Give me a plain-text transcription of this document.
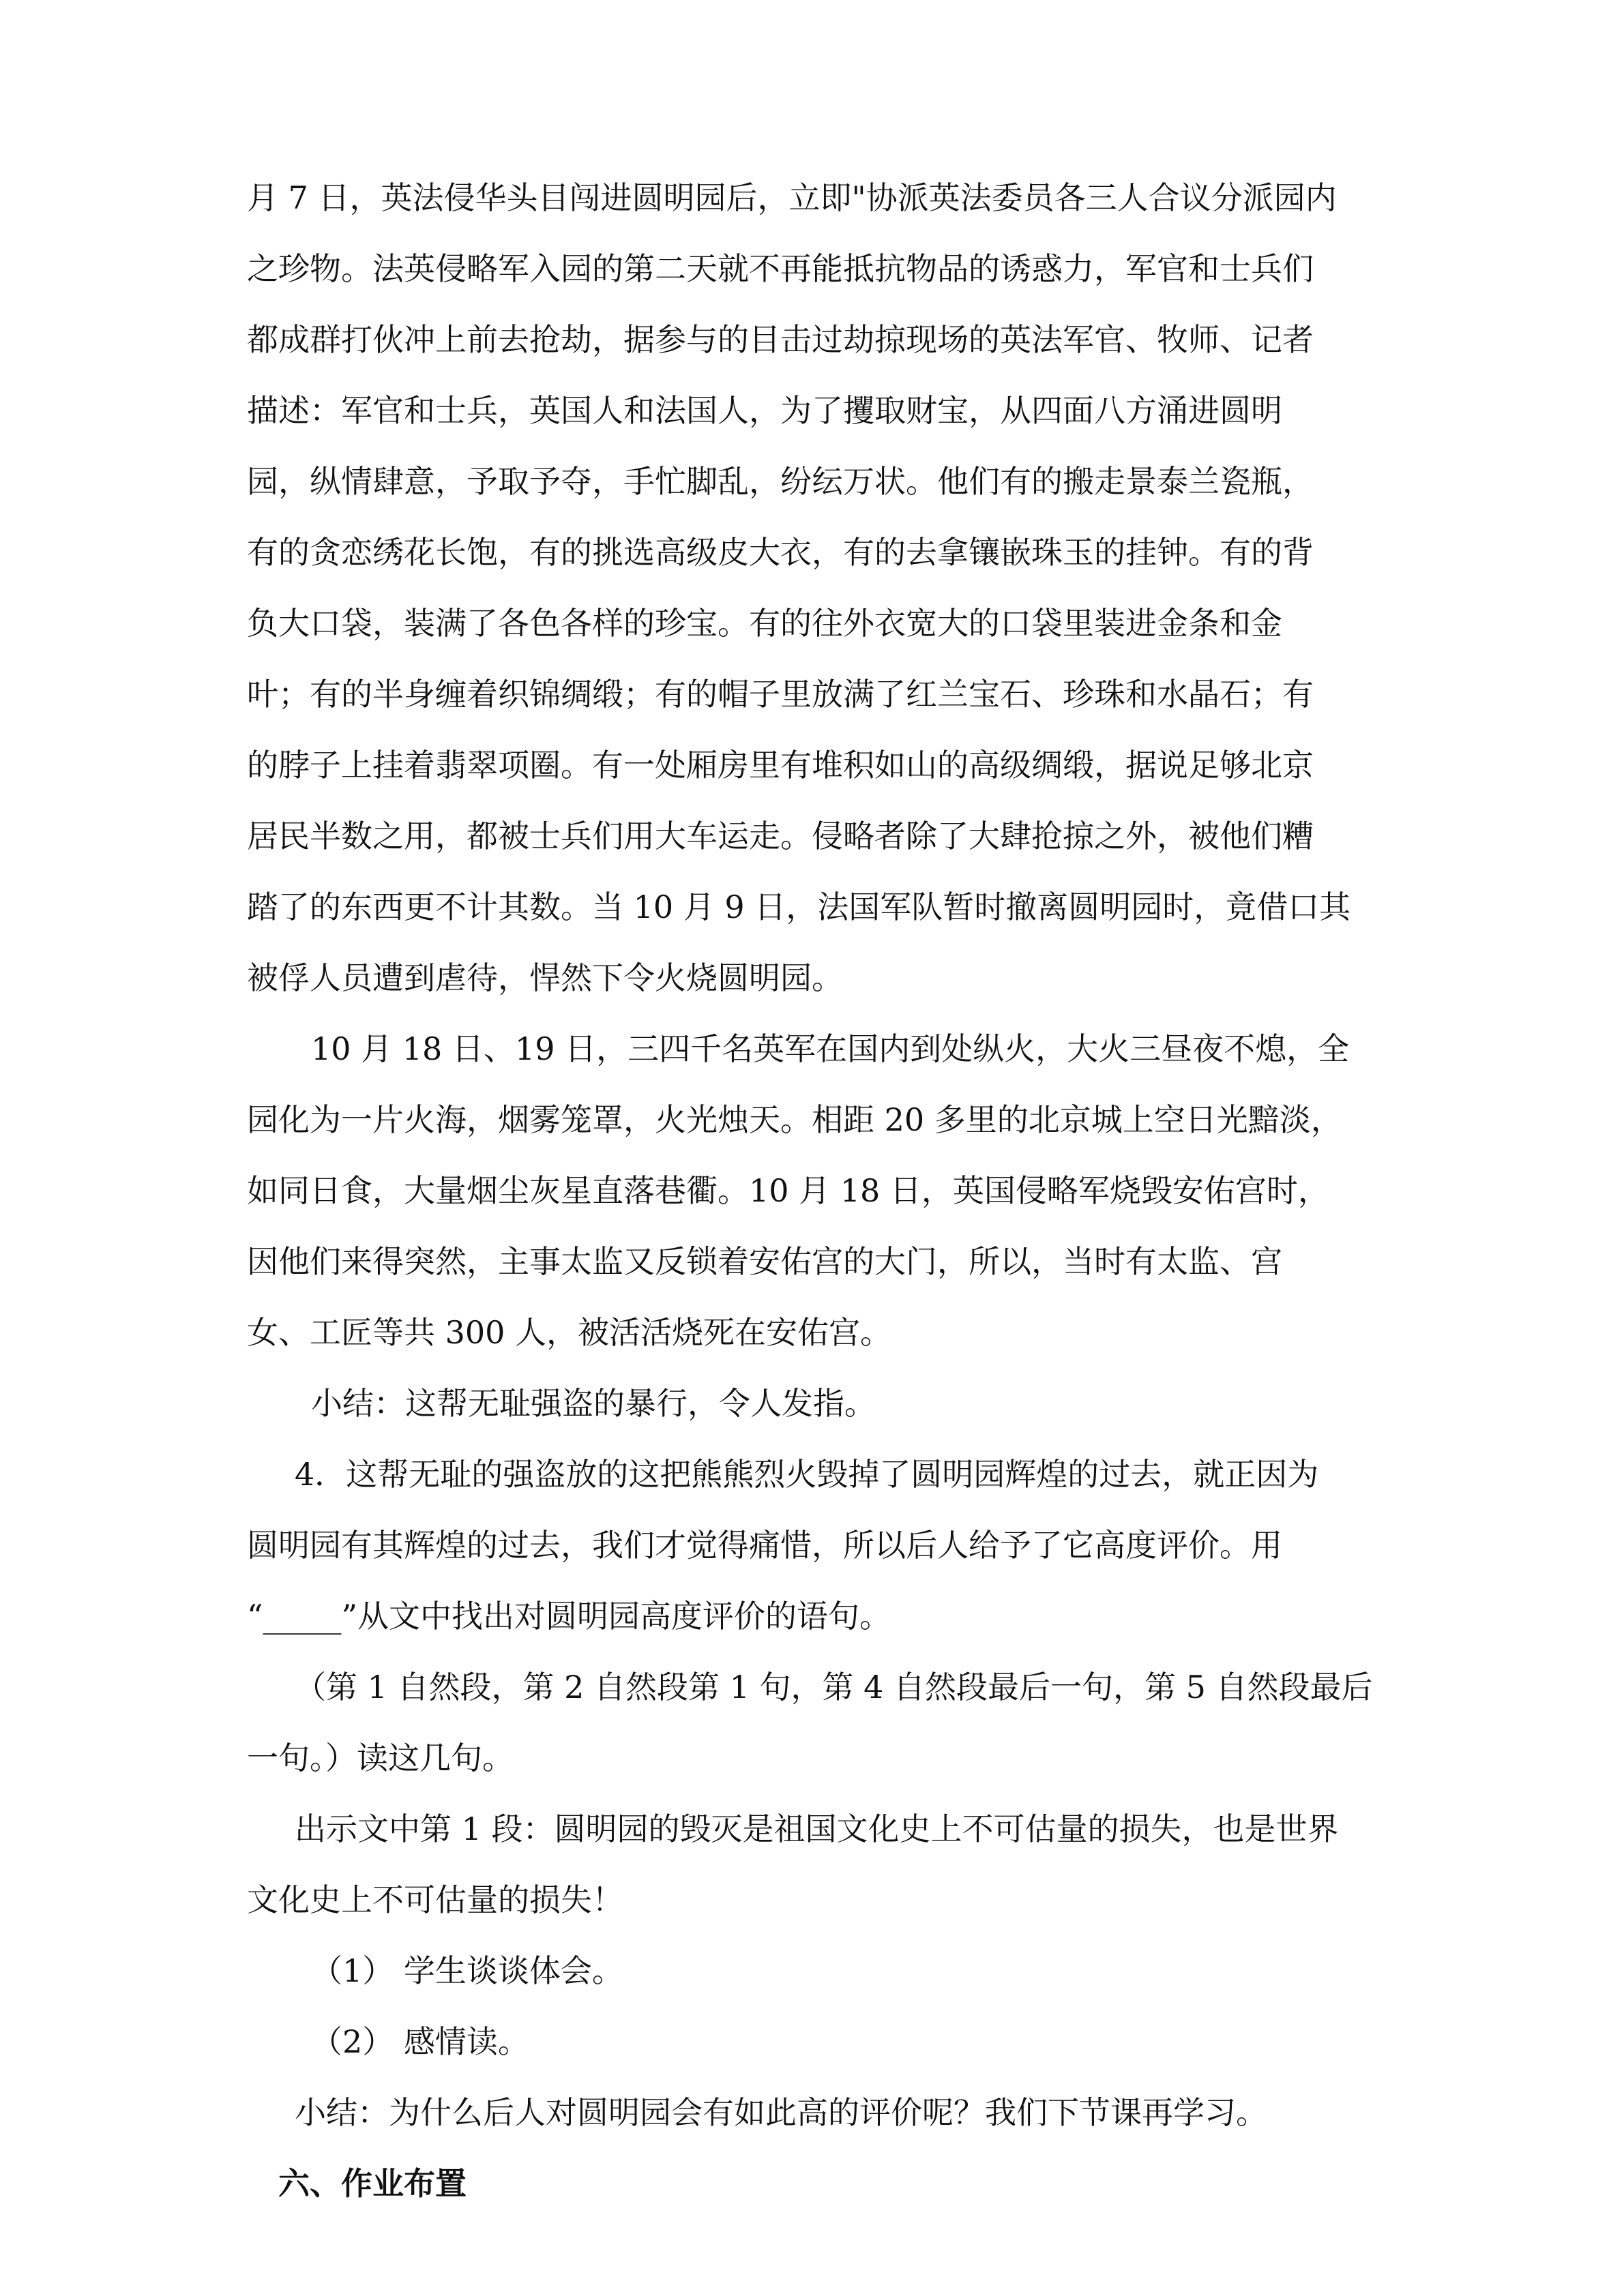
月 7 日，英法侵华头目闯进圆明园后，立即"协派英法委员各三人合议分派园内
之珍物。法英侵略军入园的第二天就不再能抵抗物品的诱惑力，军官和士兵们
都成群打伙冲上前去抢劫，据参与的目击过劫掠现场的英法军官、牧师、记者
描述：军官和士兵，英国人和法国人，为了攫取财宝，从四面八方涌进圆明
园，纵情肆意，予取予夺，手忙脚乱，纷纭万状。他们有的搬走景泰兰瓷瓶，
有的贪恋绣花长饱，有的挑选高级皮大衣，有的去拿镶嵌珠玉的挂钟。有的背
负大口袋，装满了各色各样的珍宝。有的往外衣宽大的口袋里装进金条和金
叶；有的半身缠着织锦绸缎；有的帽子里放满了红兰宝石、珍珠和水晶石；有
的脖子上挂着翡翠项圈。有一处厢房里有堆积如山的高级绸缎，据说足够北京
居民半数之用，都被士兵们用大车运走。侵略者除了大肆抢掠之外，被他们糟
踏了的东西更不计其数。当 10 月 9 日，法国军队暂时撤离圆明园时，竟借口其
被俘人员遭到虐待，悍然下令火烧圆明园。
10 月 18 日、19 日，三四千名英军在国内到处纵火，大火三昼夜不熄，全
园化为一片火海，烟雾笼罩，火光烛天。相距 20 多里的北京城上空日光黯淡，
如同日食，大量烟尘灰星直落巷衢。10 月 18 日，英国侵略军烧毁安佑宫时，
因他们来得突然，主事太监又反锁着安佑宫的大门，所以，当时有太监、宫
女、工匠等共 300 人，被活活烧死在安佑宫。
小结：这帮无耻强盗的暴行，令人发指。
4．这帮无耻的强盗放的这把熊熊烈火毁掉了圆明园辉煌的过去，就正因为
圆明园有其辉煌的过去，我们才觉得痛惜，所以后人给予了它高度评价。用
“_____”从文中找出对圆明园高度评价的语句。
（第 1 自然段，第 2 自然段第 1 句，第 4 自然段最后一句，第 5 自然段最后
一句。）读这几句。
出示文中第 1 段：圆明园的毁灭是祖国文化史上不可估量的损失，也是世界
文化史上不可估量的损失！
（1） 学生谈谈体会。
（2） 感情读。
小结：为什么后人对圆明园会有如此高的评价呢？我们下节课再学习。
六、作业布置
